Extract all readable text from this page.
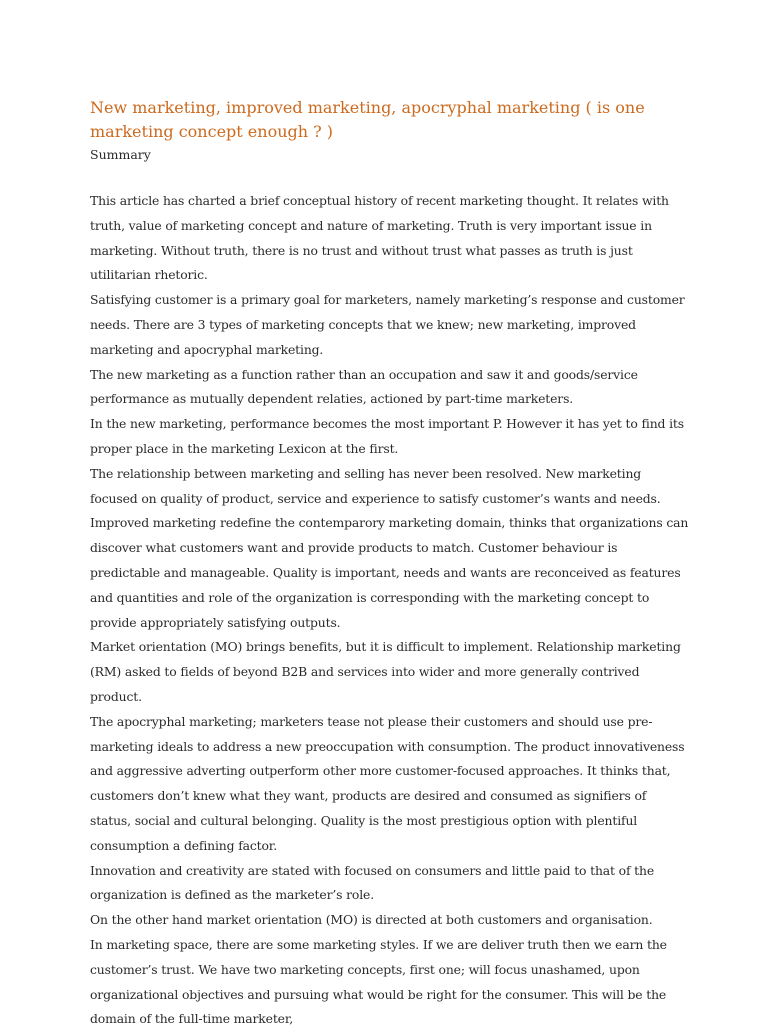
New marketing, improved marketing, apocryphal marketing ( is one marketing concept enough ? )
Summary

This article has charted a brief conceptual history of recent marketing thought. It relates with truth, value of marketing concept and nature of marketing. Truth is very important issue in marketing. Without truth, there is no trust and without trust what passes as truth is just utilitarian rhetoric.

Satisfying customer is a primary goal for marketers, namely marketing’s response and customer needs. There are 3 types of marketing concepts that we knew; new marketing, improved marketing and apocryphal marketing.

The new marketing as a function rather than an occupation and saw it and goods/service performance as mutually dependent relaties, actioned by part-time marketers.

In the new marketing, performance becomes the most important P. However it has yet to find its proper place in the marketing Lexicon at the first.

The relationship between marketing and selling has never been resolved. New marketing focused on quality of product, service and experience to satisfy customer’s wants and needs.

Improved marketing redefine the contemparory marketing domain, thinks that organizations can discover what customers want and provide products to match. Customer behaviour is predictable and manageable. Quality is important, needs and wants are reconceived as features and quantities and role of the organization is corresponding with the marketing concept to provide appropriately satisfying outputs.

Market orientation (MO) brings benefits, but it is difficult to implement. Relationship marketing (RM) asked to fields of beyond B2B and services into wider and more generally contrived product.

The apocryphal marketing; marketers tease not please their customers and should use pre-marketing ideals to address a new preoccupation with consumption. The product innovativeness and aggressive adverting outperform other more customer-focused approaches. It thinks that, customers don’t knew what they want, products are desired and consumed as signifiers of status, social and cultural belonging. Quality is the most prestigious option with plentiful consumption a defining factor.

Innovation and creativity are stated with focused on consumers and little paid to that of the organization is defined as the marketer’s role.

On the other hand market orientation (MO) is directed at both customers and organisation.

In marketing space, there are some marketing styles. If we are deliver truth then we earn the customer’s trust. We have two marketing concepts, first one; will focus unashamed, upon organizational objectives and pursuing what would be right for the consumer. This will be the domain of the full-time marketer,
